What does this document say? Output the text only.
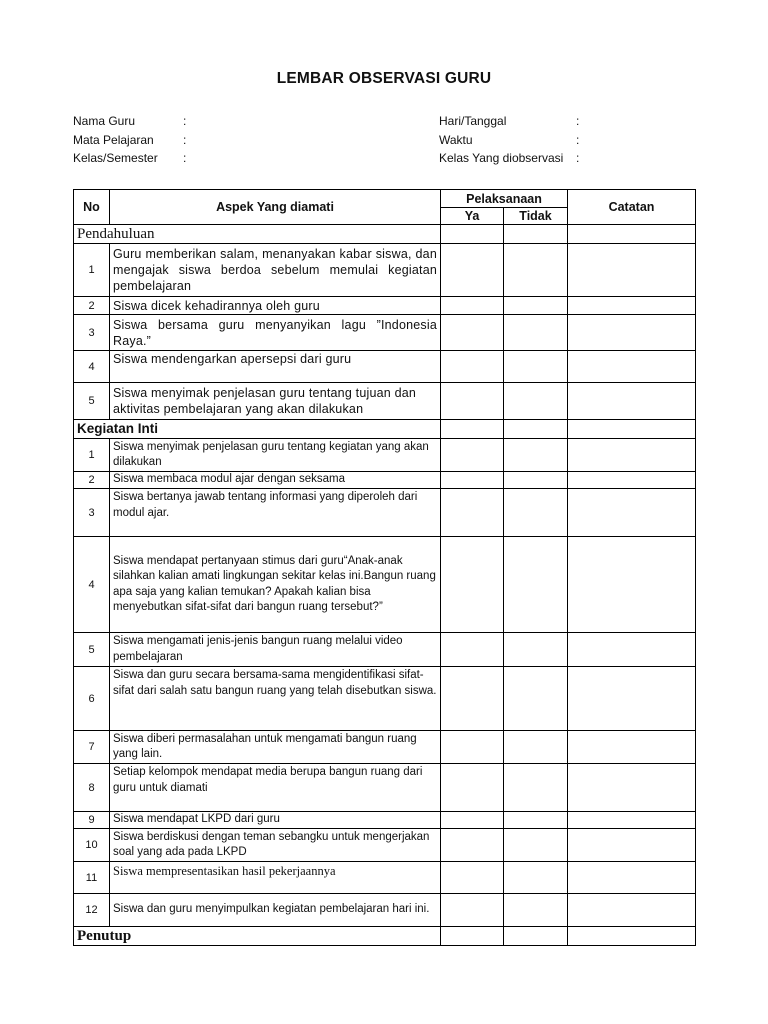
LEMBAR OBSERVASI GURU
Nama Guru	:
Mata Pelajaran	:
Kelas/Semester	:
Hari/Tanggal	:
Waktu	:
Kelas Yang diobservasi	:
No	Aspek Yang diamati	Pelaksanaan		Catatan
		Ya	Tidak	
Pendahuluan				
1	Guru memberikan salam, menanyakan kabar siswa, dan mengajak siswa berdoa sebelum memulai kegiatan pembelajaran			
2	Siswa dicek kehadirannya oleh guru			
3	Siswa bersama guru menyanyikan lagu ”Indonesia Raya.”			
4	Siswa mendengarkan apersepsi dari guru			
5	Siswa menyimak penjelasan guru tentang tujuan dan aktivitas pembelajaran yang akan dilakukan			
Kegiatan Inti				
1	Siswa menyimak penjelasan guru tentang kegiatan yang akan dilakukan			
2	Siswa membaca modul ajar dengan seksama			
3	Siswa bertanya jawab tentang informasi yang diperoleh dari modul ajar.			
4	Siswa mendapat pertanyaan stimus dari guru“Anak-anak silahkan kalian amati lingkungan sekitar kelas ini.Bangun ruang apa saja yang kalian temukan? Apakah kalian bisa menyebutkan sifat-sifat dari bangun ruang tersebut?”			
5	Siswa mengamati jenis-jenis bangun ruang melalui video pembelajaran			
6	Siswa dan guru secara bersama-sama mengidentifikasi sifat-sifat dari salah satu bangun ruang yang telah disebutkan siswa.			
7	Siswa diberi permasalahan untuk mengamati bangun ruang yang lain.			
8	Setiap kelompok mendapat media berupa bangun ruang dari guru untuk diamati			
9	Siswa mendapat LKPD dari guru			
10	Siswa berdiskusi dengan teman sebangku untuk mengerjakan soal yang ada pada LKPD			
11	Siswa mempresentasikan hasil pekerjaannya			
12	Siswa dan guru menyimpulkan kegiatan pembelajaran hari ini.			
Penutup				
